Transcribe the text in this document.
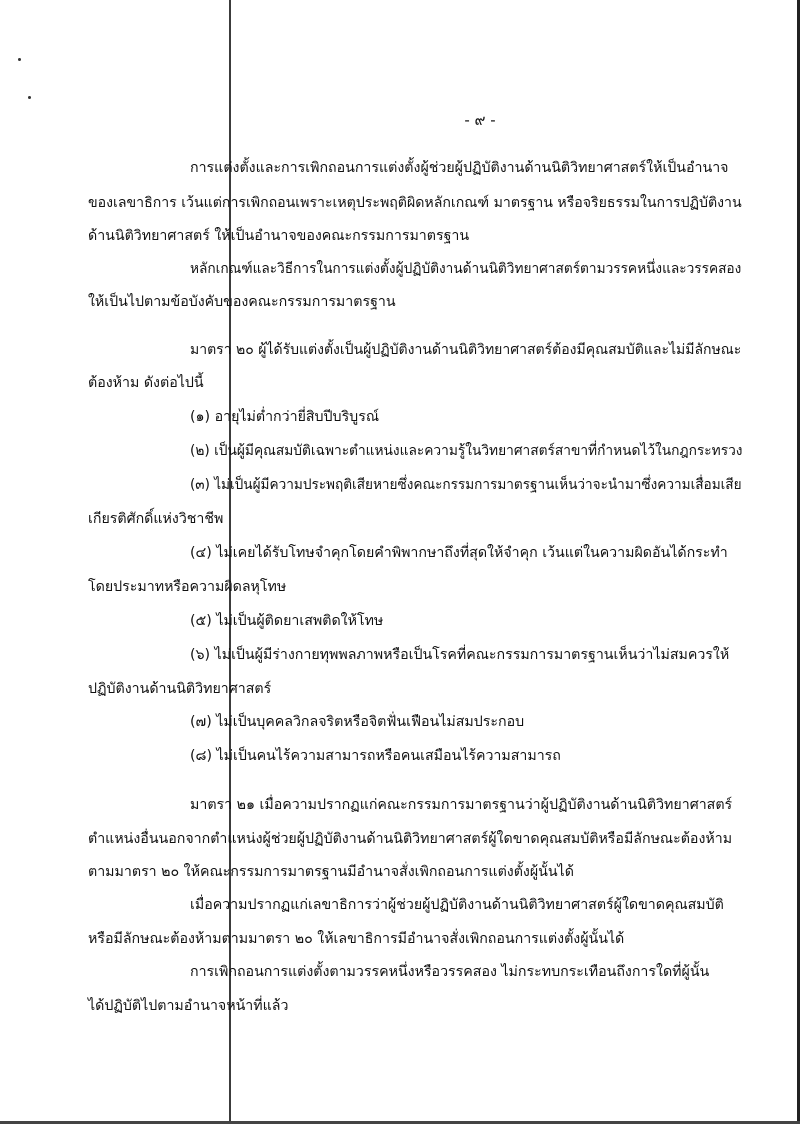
- ๙ -
การแต่งตั้งและการเพิกถอนการแต่งตั้งผู้ช่วยผู้ปฏิบัติงานด้านนิติวิทยาศาสตร์ให้เป็นอำนาจ
ของเลขาธิการ เว้นแต่การเพิกถอนเพราะเหตุประพฤติผิดหลักเกณฑ์ มาตรฐาน หรือจริยธรรมในการปฏิบัติงาน
ด้านนิติวิทยาศาสตร์ ให้เป็นอำนาจของคณะกรรมการมาตรฐาน
หลักเกณฑ์และวิธีการในการแต่งตั้งผู้ปฏิบัติงานด้านนิติวิทยาศาสตร์ตามวรรคหนึ่งและวรรคสอง
ให้เป็นไปตามข้อบังคับของคณะกรรมการมาตรฐาน
มาตรา ๒๐ ผู้ได้รับแต่งตั้งเป็นผู้ปฏิบัติงานด้านนิติวิทยาศาสตร์ต้องมีคุณสมบัติและไม่มีลักษณะ
ต้องห้าม ดังต่อไปนี้
(๑) อายุไม่ต่ำกว่ายี่สิบปีบริบูรณ์
(๒) เป็นผู้มีคุณสมบัติเฉพาะตำแหน่งและความรู้ในวิทยาศาสตร์สาขาที่กำหนดไว้ในกฎกระทรวง
(๓) ไม่เป็นผู้มีความประพฤติเสียหายซึ่งคณะกรรมการมาตรฐานเห็นว่าจะนำมาซึ่งความเสื่อมเสีย
เกียรติศักดิ์แห่งวิชาชีพ
(๔) ไม่เคยได้รับโทษจำคุกโดยคำพิพากษาถึงที่สุดให้จำคุก เว้นแต่ในความผิดอันได้กระทำ
โดยประมาทหรือความผิดลหุโทษ
(๕) ไม่เป็นผู้ติดยาเสพติดให้โทษ
(๖) ไม่เป็นผู้มีร่างกายทุพพลภาพหรือเป็นโรคที่คณะกรรมการมาตรฐานเห็นว่าไม่สมควรให้
ปฏิบัติงานด้านนิติวิทยาศาสตร์
(๗) ไม่เป็นบุคคลวิกลจริตหรือจิตฟั่นเฟือนไม่สมประกอบ
(๘) ไม่เป็นคนไร้ความสามารถหรือคนเสมือนไร้ความสามารถ
มาตรา ๒๑ เมื่อความปรากฏแก่คณะกรรมการมาตรฐานว่าผู้ปฏิบัติงานด้านนิติวิทยาศาสตร์
ตำแหน่งอื่นนอกจากตำแหน่งผู้ช่วยผู้ปฏิบัติงานด้านนิติวิทยาศาสตร์ผู้ใดขาดคุณสมบัติหรือมีลักษณะต้องห้าม
ตามมาตรา ๒๐ ให้คณะกรรมการมาตรฐานมีอำนาจสั่งเพิกถอนการแต่งตั้งผู้นั้นได้
เมื่อความปรากฏแก่เลขาธิการว่าผู้ช่วยผู้ปฏิบัติงานด้านนิติวิทยาศาสตร์ผู้ใดขาดคุณสมบัติ
หรือมีลักษณะต้องห้ามตามมาตรา ๒๐ ให้เลขาธิการมีอำนาจสั่งเพิกถอนการแต่งตั้งผู้นั้นได้
การเพิกถอนการแต่งตั้งตามวรรคหนึ่งหรือวรรคสอง ไม่กระทบกระเทือนถึงการใดที่ผู้นั้น
ได้ปฏิบัติไปตามอำนาจหน้าที่แล้ว
